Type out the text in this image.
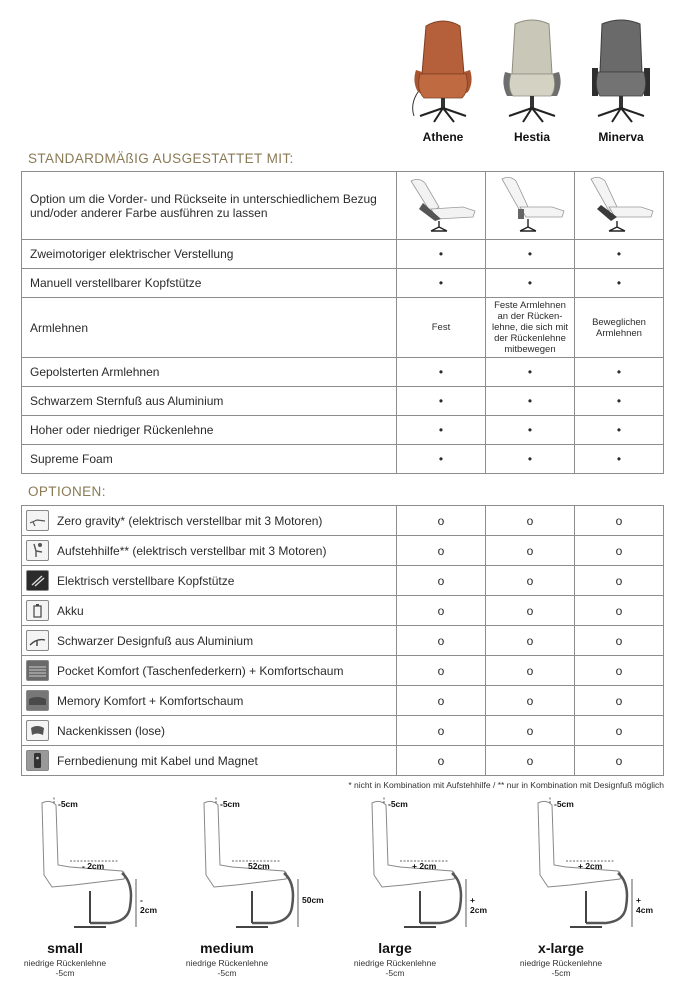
Athene	Hestia	Minerva
STANDARDMÄßIG AUSGESTATTET MIT:
Option um die Vorder- und Rückseite in unterschiedlichem Bezug und/oder anderer Farbe ausführen zu lassen			
Zweimotoriger elektrischer Verstellung	•	•	•
Manuell verstellbarer Kopfstütze	•	•	•
Armlehnen	Fest	Feste Armlehnen an der Rücken-lehne, die sich mit der Rückenlehne mitbewegen	Beweglichen Armlehnen
Gepolsterten Armlehnen	•	•	•
Schwarzem Sternfuß aus Aluminium	•	•	•
Hoher oder niedriger Rückenlehne	•	•	•
Supreme Foam	•	•	•
OPTIONEN:
Zero gravity* (elektrisch verstellbar mit 3 Motoren)	o	o	o

Aufstehhilfe** (elektrisch verstellbar mit 3 Motoren)	o	o	o

Elektrisch verstellbare Kopfstütze	o	o	o

Akku	o	o	o

Schwarzer Designfuß aus Aluminium	o	o	o

Pocket Komfort (Taschenfederkern) + Komfortschaum	o	o	o

Memory Komfort + Komfortschaum	o	o	o

Nackenkissen (lose)	o	o	o

Fernbedienung mit Kabel und Magnet	o	o	o
* nicht in Kombination mit Aufstehhilfe / ** nur in Kombination mit Designfuß möglich
-5cm
- 2cm
- 2cm
small
niedrige Rückenlehne
-5cm
-5cm
52cm
50cm
medium
niedrige Rückenlehne
-5cm
-5cm
+ 2cm
+ 2cm
large
niedrige Rückenlehne
-5cm
-5cm
+ 2cm
+ 4cm
x-large
niedrige Rückenlehne
-5cm
